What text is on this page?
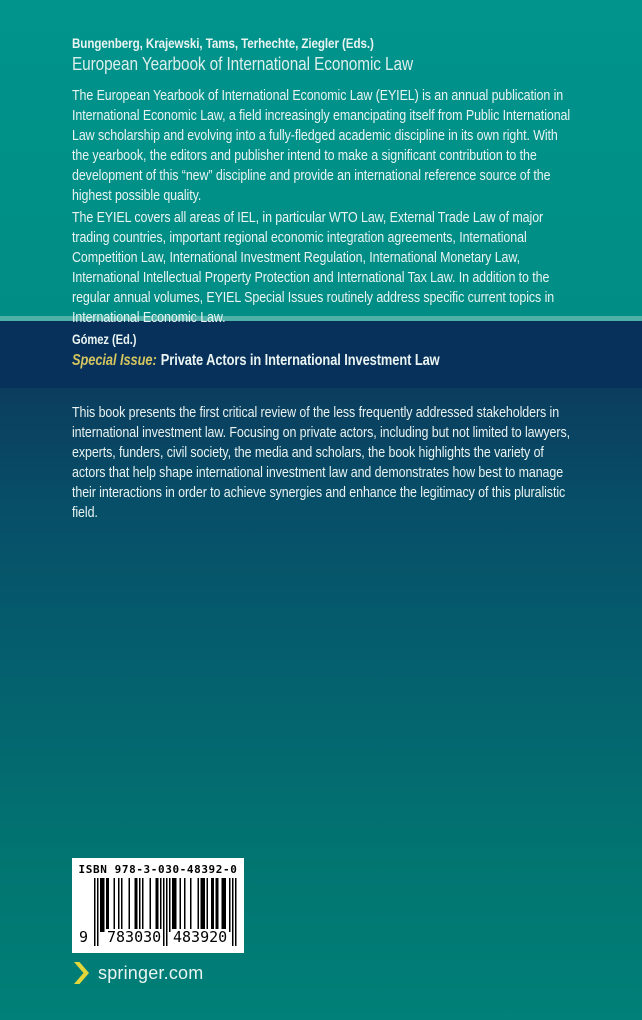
Bungenberg, Krajewski, Tams, Terhechte, Ziegler (Eds.)
European Yearbook of International Economic Law
The European Yearbook of International Economic Law (EYIEL) is an annual publication in International Economic Law, a field increasingly emancipating itself from Public International Law scholarship and evolving into a fully-fledged academic discipline in its own right. With the yearbook, the editors and publisher intend to make a significant contribution to the development of this “new” discipline and provide an international reference source of the highest possible quality.
The EYIEL covers all areas of IEL, in particular WTO Law, External Trade Law of major trading countries, important regional economic integration agreements, International Competition Law, International Investment Regulation, International Monetary Law, International Intellectual Property Protection and International Tax Law. In addition to the regular annual volumes, EYIEL Special Issues routinely address specific current topics in International Economic Law.
Gómez (Ed.)
Special Issue: Private Actors in International Investment Law
This book presents the first critical review of the less frequently addressed stakeholders in international investment law. Focusing on private actors, including but not limited to lawyers, experts, funders, civil society, the media and scholars, the book highlights the variety of actors that help shape international investment law and demonstrates how best to manage their interactions in order to achieve synergies and enhance the legitimacy of this pluralistic field.
ISBN 978-3-030-48392-0
9 783030 483920
springer.com
